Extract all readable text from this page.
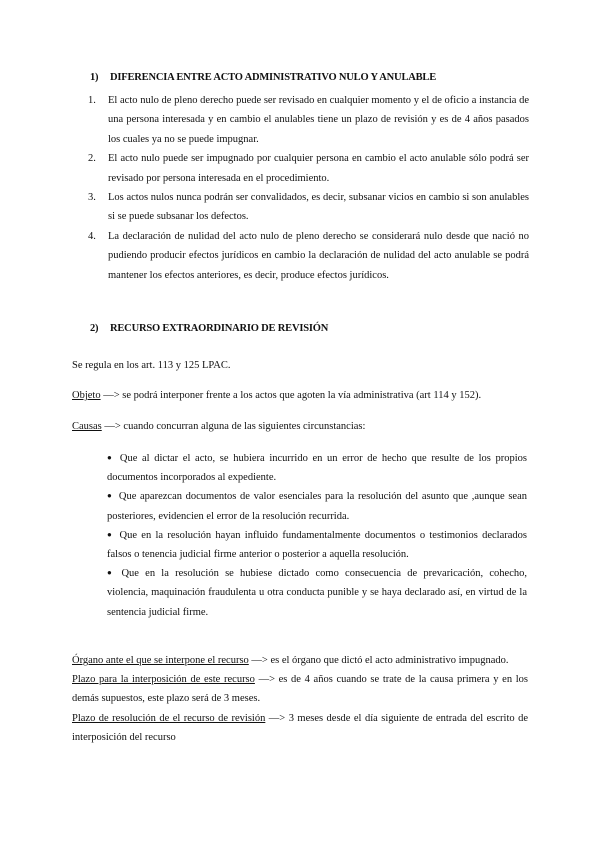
1) DIFERENCIA ENTRE ACTO ADMINISTRATIVO NULO Y ANULABLE
1. El acto nulo de pleno derecho puede ser revisado en cualquier momento y el de oficio a instancia de una persona interesada y en cambio el anulables tiene un plazo de revisión y es de 4 años pasados los cuales ya no se puede impugnar.
2. El acto nulo puede ser impugnado por cualquier persona en cambio el acto anulable sólo podrá ser revisado por persona interesada en el procedimiento.
3. Los actos nulos nunca podrán ser convalidados, es decir, subsanar vicios en cambio si son anulables si se puede subsanar los defectos.
4. La declaración de nulidad del acto nulo de pleno derecho se considerará nulo desde que nació no pudiendo producir efectos jurídicos en cambio la declaración de nulidad del acto anulable se podrá mantener los efectos anteriores, es decir, produce efectos jurídicos.
2) RECURSO EXTRAORDINARIO DE REVISIÓN
Se regula en los art. 113 y 125 LPAC.
Objeto —> se podrá interponer frente a los actos que agoten la vía administrativa (art 114 y 152).
Causas —> cuando concurran alguna de las siguientes circunstancias:
● Que al dictar el acto, se hubiera incurrido en un error de hecho que resulte de los propios documentos incorporados al expediente.
● Que aparezcan documentos de valor esenciales para la resolución del asunto que ,aunque sean posteriores, evidencien el error de la resolución recurrida.
● Que en la resolución hayan influido fundamentalmente documentos o testimonios declarados falsos o tenencia judicial firme anterior o posterior a aquella resolución.
● Que en la resolución se hubiese dictado como consecuencia de prevaricación, cohecho, violencia, maquinación fraudulenta u otra conducta punible y se haya declarado así, en virtud de la sentencia judicial firme.

Órgano ante el que se interpone el recurso —> es el órgano que dictó el acto administrativo impugnado.

Plazo para la interposición de este recurso —> es de 4 años cuando se trate de la causa primera y en los demás supuestos, este plazo será de 3 meses.

Plazo de resolución de el recurso de revisión —> 3 meses desde el día siguiente de entrada del escrito de interposición del recurso
